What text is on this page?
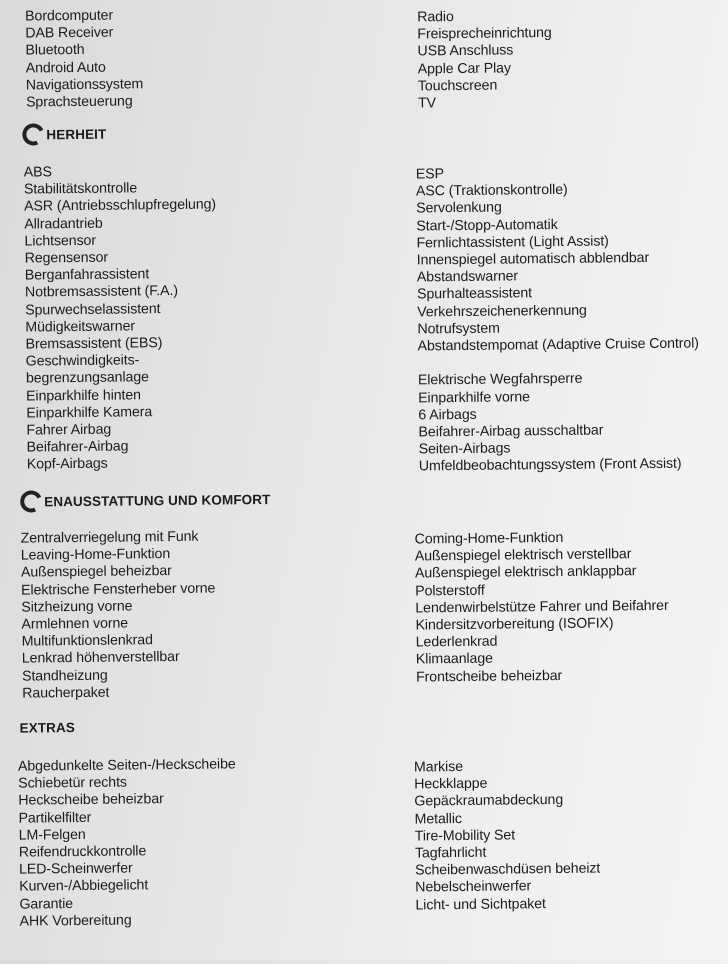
Bordcomputer
DAB Receiver
Bluetooth
Android Auto
Navigationssystem
Sprachsteuerung
Radio
Freisprecheinrichtung
USB Anschluss
Apple Car Play
Touchscreen
TV
HERHEIT
ABS
Stabilitätskontrolle
ASR (Antriebsschlupfregelung)
Allradantrieb
Lichtsensor
Regensensor
Berganfahrassistent
Notbremsassistent (F.A.)
Spurwechselassistent
Müdigkeitswarner
Bremsassistent (EBS)
Geschwindigkeits-
begrenzungsanlage
Einparkhilfe hinten
Einparkhilfe Kamera
Fahrer Airbag
Beifahrer-Airbag
Kopf-Airbags
ESP
ASC (Traktionskontrolle)
Servolenkung
Start-/Stopp-Automatik
Fernlichtassistent (Light Assist)
Innenspiegel automatisch abblendbar
Abstandswarner
Spurhalteassistent
Verkehrszeichenerkennung
Notrufsystem
Abstandstempomat (Adaptive Cruise Control)

Elektrische Wegfahrsperre
Einparkhilfe vorne
6 Airbags
Beifahrer-Airbag ausschaltbar
Seiten-Airbags
Umfeldbeobachtungssystem (Front Assist)
ENAUSSTATTUNG UND KOMFORT
Zentralverriegelung mit Funk
Leaving-Home-Funktion
Außenspiegel beheizbar
Elektrische Fensterheber vorne
Sitzheizung vorne
Armlehnen vorne
Multifunktionslenkrad
Lenkrad höhenverstellbar
Standheizung
Raucherpaket
Coming-Home-Funktion
Außenspiegel elektrisch verstellbar
Außenspiegel elektrisch anklappbar
Polsterstoff
Lendenwirbelstütze Fahrer und Beifahrer
Kindersitzvorbereitung (ISOFIX)
Lederlenkrad
Klimaanlage
Frontscheibe beheizbar
EXTRAS
Abgedunkelte Seiten-/Heckscheibe
Schiebetür rechts
Heckscheibe beheizbar
Partikelfilter
LM-Felgen
Reifendruckkontrolle
LED-Scheinwerfer
Kurven-/Abbiegelicht
Garantie
AHK Vorbereitung
Markise
Heckklappe
Gepäckraumabdeckung
Metallic
Tire-Mobility Set
Tagfahrlicht
Scheibenwaschdüsen beheizt
Nebelscheinwerfer
Licht- und Sichtpaket
